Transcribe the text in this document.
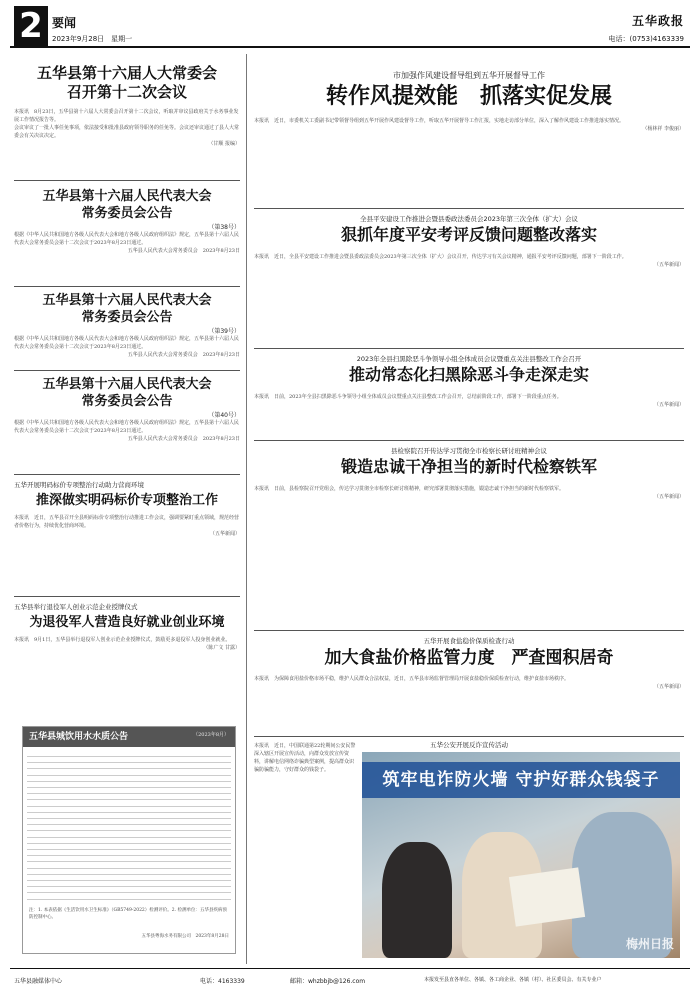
2 要闻
2023年9月28日　星期一
五华政报
电话：(0753)4163339
五华县第十六届人大常委会
召开第十二次会议

本报讯　8月23日，五华县第十六届人大常委会召开第十二次会议，听取并审议县政府关于水务事业发展工作情况报告等。

会议审议了一批人事任免事项，依法接受和批准县政府领导职务的任免等。会议还审议通过了县人大常委会有关决议决定。

（甘顺 报编）

五华县第十六届人民代表大会
常务委员会公告

（第38号）

根据《中华人民共和国地方各级人民代表大会和地方各级人民政府组织法》规定，五华县第十六届人民代表大会常务委员会第十二次会议于2023年8月23日通过。

五华县人民代表大会常务委员会　2023年8月23日

五华县第十六届人民代表大会
常务委员会公告

（第39号）

根据《中华人民共和国地方各级人民代表大会和地方各级人民政府组织法》规定，五华县第十六届人民代表大会常务委员会第十二次会议于2023年8月23日通过。

五华县人民代表大会常务委员会　2023年8月23日

五华县第十六届人民代表大会
常务委员会公告

（第40号）

根据《中华人民共和国地方各级人民代表大会和地方各级人民政府组织法》规定，五华县第十六届人民代表大会常务委员会第十二次会议于2023年8月23日通过。

五华县人民代表大会常务委员会　2023年8月23日

五华开展明码标价专项整治行动助力营商环境

推深做实明码标价专项整治工作

本报讯　近日，五华县召开全县明码标价专项整治行动推进工作会议，强调要紧盯重点领域，规范经营者价格行为，持续优化营商环境。

（五华新闻）

五华县举行退役军人创业示范企业授牌仪式

为退役军人营造良好就业创业环境

本报讯　9月1日，五华县举行退役军人创业示范企业授牌仪式，鼓励更多退役军人投身创业就业。

（陈广文 甘露）

五华县城饮用水水质公告	（2023年8月）

注：1. 本表依据《生活饮用水卫生标准》（GB5749-2022）检测评价。2. 检测单位：五华县疾病预防控制中心。

五华县粤海水务有限公司　2023年8月28日

市加强作风建设督导组到五华开展督导工作

转作风提效能　抓落实促发展

本报讯　近日，市委机关工委副书记带领督导组到五华开展作风建设督导工作，听取五华开展督导工作汇报，实地走访部分单位，深入了解作风建设工作推进落实情况。

（杨林祥 李俊丽）

全县平安建设工作推进会暨县委政法委员会2023年第三次全体（扩大）会议

狠抓年度平安考评反馈问题整改落实

本报讯　近日，全县平安建设工作推进会暨县委政法委员会2023年第三次全体（扩大）会议召开，传达学习有关会议精神，通报平安考评反馈问题，部署下一阶段工作。

（五华新闻）

2023年全县扫黑除恶斗争领导小组全体成员会议暨重点关注县整改工作会召开

推动常态化扫黑除恶斗争走深走实

本报讯　日前，2023年全县扫黑除恶斗争领导小组全体成员会议暨重点关注县整改工作会召开，总结前阶段工作，部署下一阶段重点任务。

（五华新闻）

县检察院召开传达学习贯彻全市检察长研讨班精神会议

锻造忠诚干净担当的新时代检察铁军

本报讯　日前，县检察院召开党组会，传达学习贯彻全市检察长研讨班精神，研究部署贯彻落实措施，锻造忠诚干净担当的新时代检察铁军。

（五华新闻）

五华开展食盐稳价保质检查行动

加大食盐价格监管力度　严查囤积居奇

本报讯　为保障食用盐价格市场平稳，维护人民群众合法权益，近日，五华县市场监督管理局开展食盐稳价保质检查行动，维护食盐市场秩序。

（五华新闻）

本报讯　近日，中国联通第22轮期间公安民警深入辖区开展宣传活动，向群众发放宣传资料，讲解电信网络诈骗典型案例，提高群众识骗防骗能力，守好群众的钱袋子。

五华公安开展反诈宣传活动

筑牢电诈防火墙 守护好群众钱袋子
梅州日报
五华县融媒体中心	电话：4163339	邮箱：whzbbjb@126.com	本报发至县直各单位、各镇、各工商企业、各镇（村）、社区委员会、有关专业户
